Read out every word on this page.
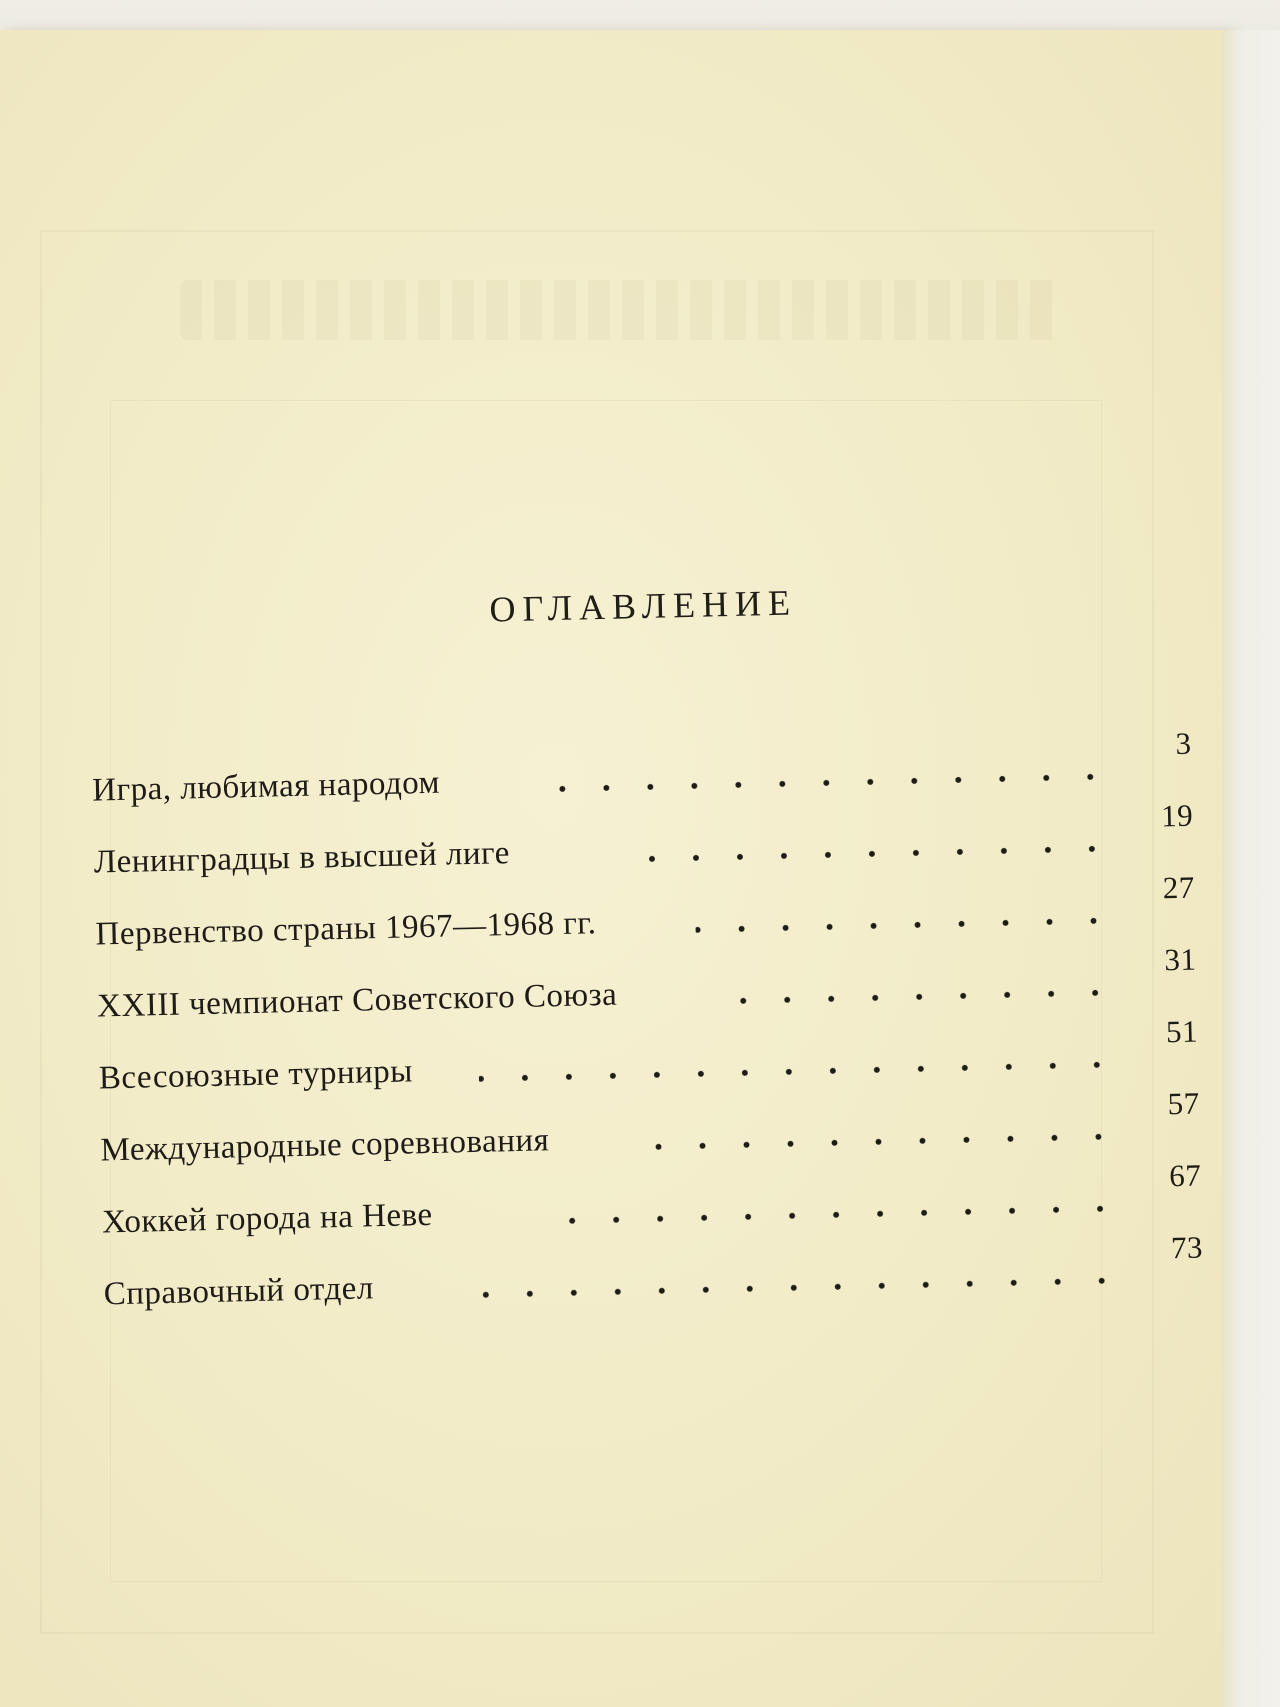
ОГЛАВЛЕНИЕ
Игра, любимая народом
3
Ленинградцы в высшей лиге
19
Первенство страны 1967—1968 гг.
27
XXIII чемпионат Советского Союза
31
Всесоюзные турниры
51
Международные соревнования
57
Хоккей города на Неве
67
Справочный отдел
73
